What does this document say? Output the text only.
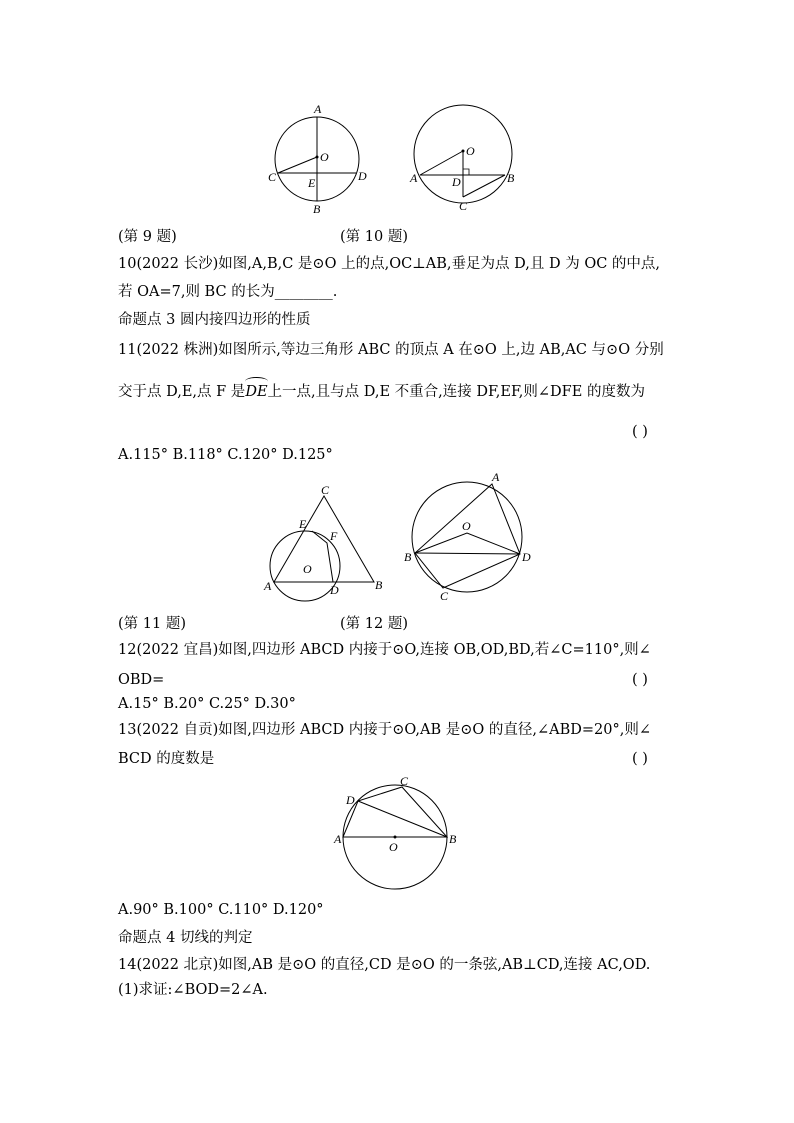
A
O
C	E	D
B
O
A	D	B
C
(第 9 题)	(第 10 题)
10(2022 长沙)如图,A,B,C 是⊙O 上的点,OC⊥AB,垂足为点 D,且 D 为 OC 的中点,
若 OA=7,则 BC 的长为________.
命题点 3 圆内接四边形的性质
11(2022 株洲)如图所示,等边三角形 ABC 的顶点 A 在⊙O 上,边 AB,AC 与⊙O 分别
交于点 D,E,点 F 是
DE上一点,且与点 D,E 不重合,连接 DF,EF,则∠DFE 的度数为
( )
A.115° B.118° C.120° D.125°
C
E
F
O
A	D	B
A
O
B	D
C
(第 11 题)	(第 12 题)
12(2022 宜昌)如图,四边形 ABCD 内接于⊙O,连接 OB,OD,BD,若∠C=110°,则∠
OBD=	( )
A.15° B.20° C.25° D.30°
13(2022 自贡)如图,四边形 ABCD 内接于⊙O,AB 是⊙O 的直径,∠ABD=20°,则∠
BCD 的度数是	( )
C
D
A
O
B
A.90° B.100° C.110° D.120°
命题点 4 切线的判定
14(2022 北京)如图,AB 是⊙O 的直径,CD 是⊙O 的一条弦,AB⊥CD,连接 AC,OD.
(1)求证:∠BOD=2∠A.
